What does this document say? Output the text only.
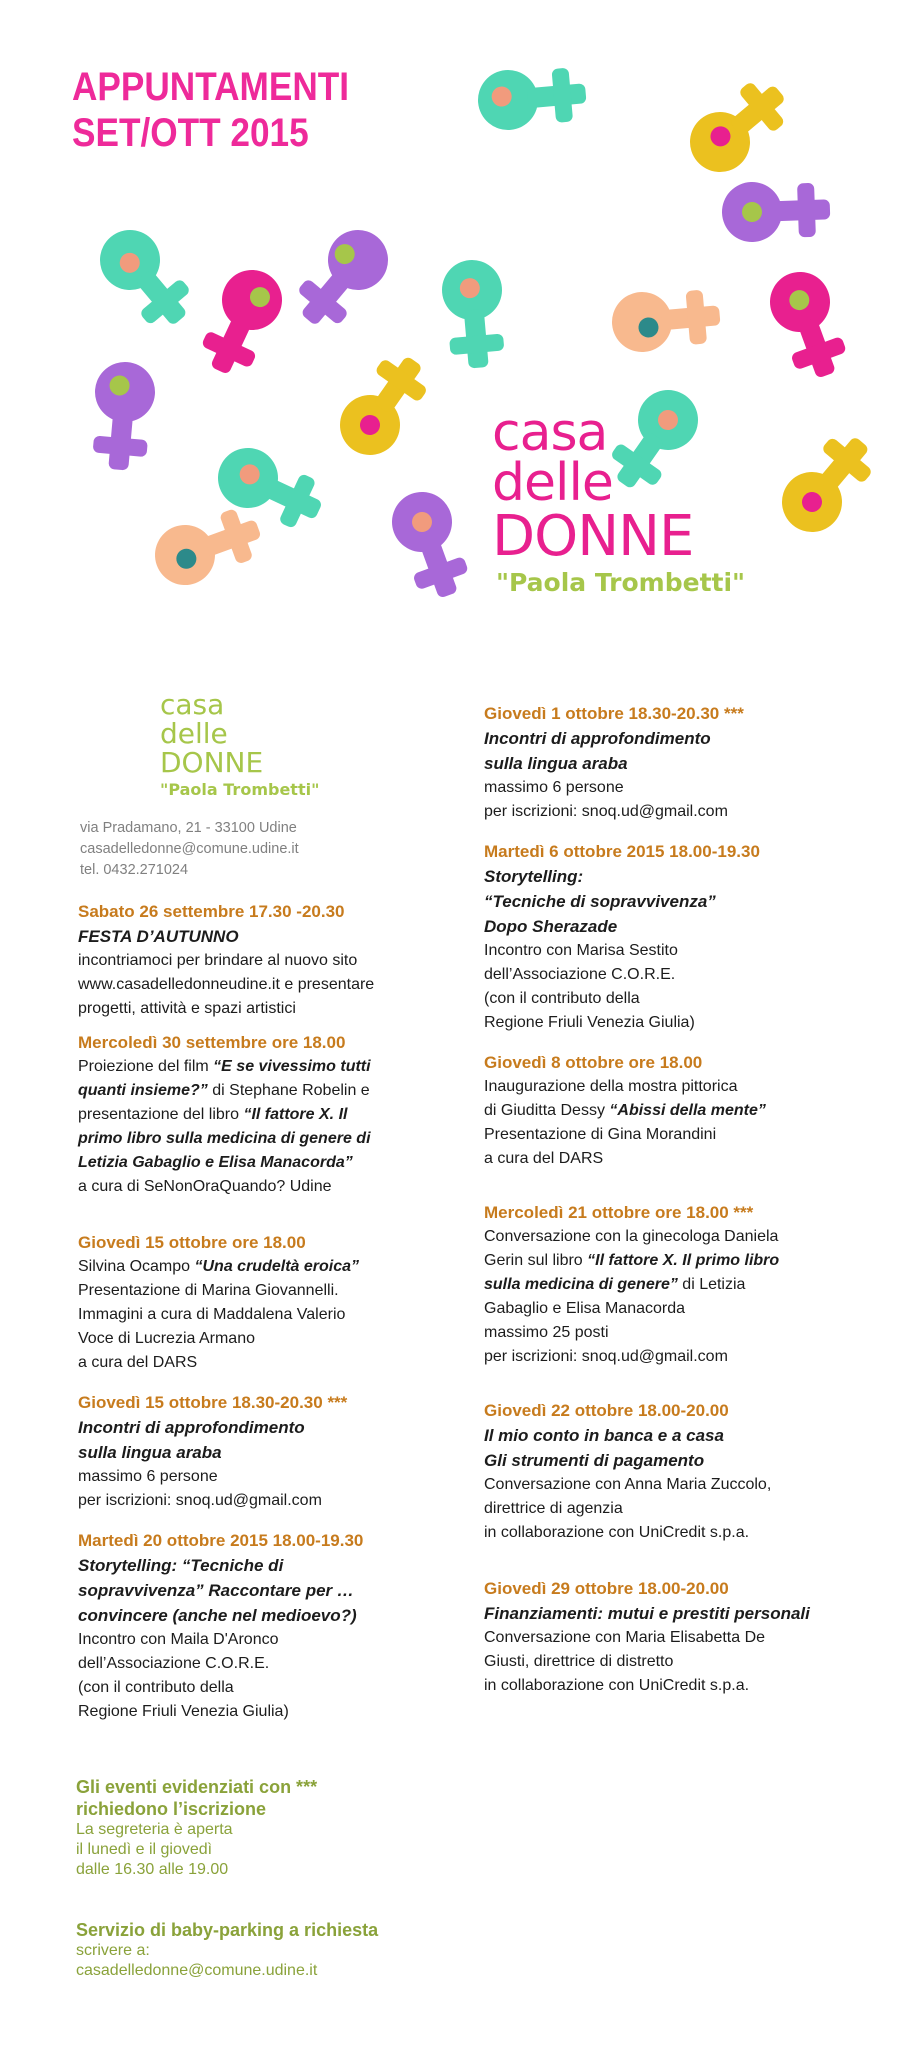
APPUNTAMENTI
SET/OTT 2015
casa
delle
DONNE
"Paola Trombetti"
casa
delle
DONNE
"Paola Trombetti"
via Pradamano, 21 - 33100 Udine
casadelledonne@comune.udine.it
tel. 0432.271024
Sabato 26 settembre 17.30 -20.30
FESTA D’AUTUNNO
incontriamoci per brindare al nuovo sito
www.casadelledonneudine.it e presentare
progetti, attività e spazi artistici
Mercoledì 30 settembre ore 18.00
Proiezione del film “E se vivessimo tutti
quanti insieme?” di Stephane Robelin e
presentazione del libro “Il fattore X. Il
primo libro sulla medicina di genere di
Letizia Gabaglio e Elisa Manacorda”
a cura di SeNonOraQuando? Udine
Giovedì 15 ottobre ore 18.00
Silvina Ocampo “Una crudeltà eroica”
Presentazione di Marina Giovannelli.
Immagini a cura di Maddalena Valerio
Voce di Lucrezia Armano
a cura del DARS
Giovedì 15 ottobre 18.30-20.30 ***
Incontri di approfondimento
sulla lingua araba
massimo 6 persone
per iscrizioni: snoq.ud@gmail.com
Martedì 20 ottobre 2015 18.00-19.30
Storytelling: “Tecniche di
sopravvivenza” Raccontare per …
convincere (anche nel medioevo?)
Incontro con Maila D'Aronco
dell’Associazione C.O.R.E.
(con il contributo della
Regione Friuli Venezia Giulia)
Giovedì 1 ottobre 18.30-20.30 ***
Incontri di approfondimento
sulla lingua araba
massimo 6 persone
per iscrizioni: snoq.ud@gmail.com
Martedì 6 ottobre 2015 18.00-19.30
Storytelling:
“Tecniche di sopravvivenza”
Dopo Sherazade
Incontro con Marisa Sestito
dell’Associazione C.O.R.E.
(con il contributo della
Regione Friuli Venezia Giulia)
Giovedì 8 ottobre ore 18.00
Inaugurazione della mostra pittorica
di Giuditta Dessy “Abissi della mente”
Presentazione di Gina Morandini
a cura del DARS
Mercoledì 21 ottobre ore 18.00 ***
Conversazione con la ginecologa Daniela
Gerin sul libro “Il fattore X. Il primo libro
sulla medicina di genere” di Letizia
Gabaglio e Elisa Manacorda
massimo 25 posti
per iscrizioni: snoq.ud@gmail.com
Giovedì 22 ottobre 18.00-20.00
Il mio conto in banca e a casa
Gli strumenti di pagamento
Conversazione con Anna Maria Zuccolo,
direttrice di agenzia
in collaborazione con UniCredit s.p.a.
Giovedì 29 ottobre 18.00-20.00
Finanziamenti: mutui e prestiti personali
Conversazione con Maria Elisabetta De
Giusti, direttrice di distretto
in collaborazione con UniCredit s.p.a.
Gli eventi evidenziati con ***
richiedono l’iscrizione
La segreteria è aperta
il lunedì e il giovedì
dalle 16.30 alle 19.00
Servizio di baby-parking a richiesta
scrivere a:
casadelledonne@comune.udine.it
